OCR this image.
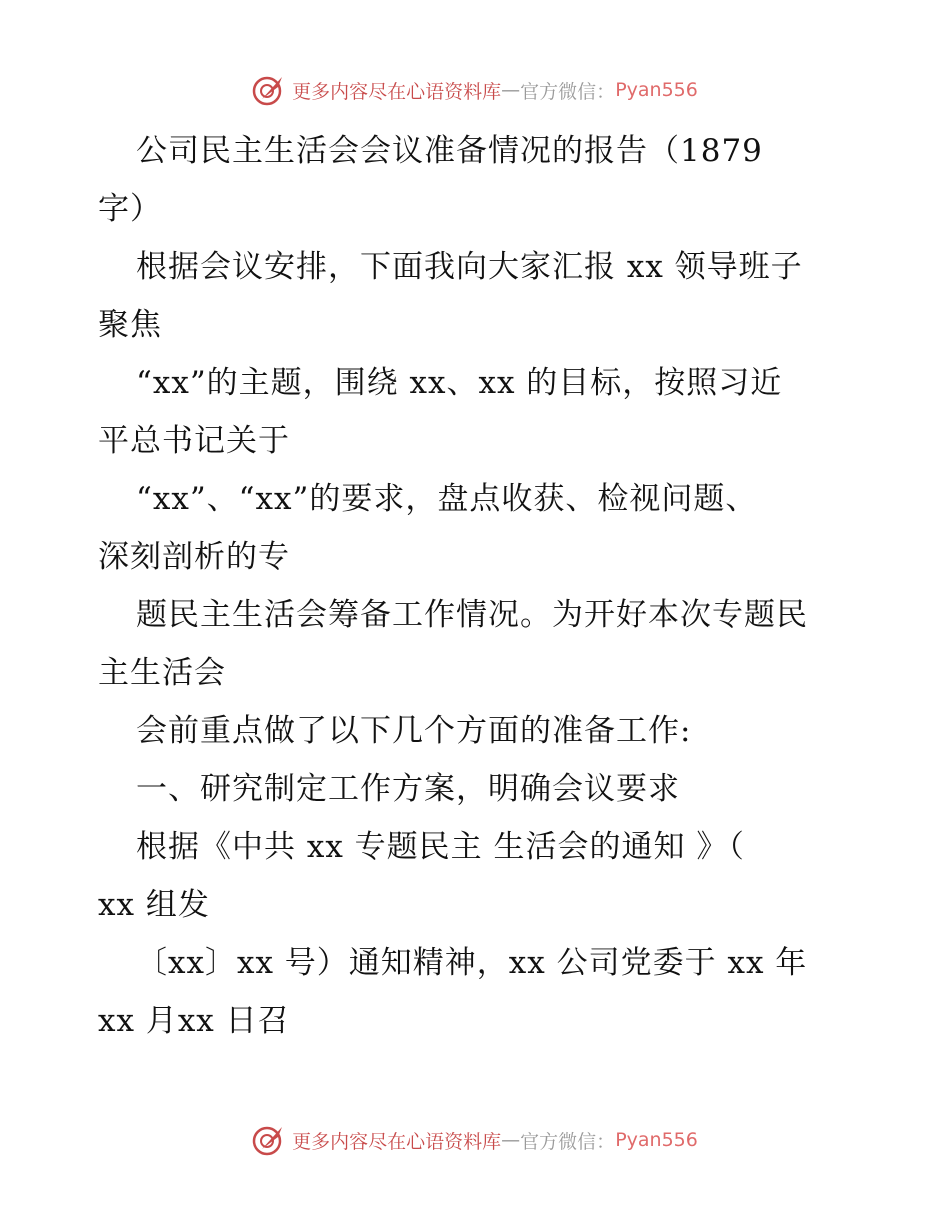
更多内容尽在心语资料库 — 官方微信： Pyan556

公司民主生活会会议准备情况的报告（1879
字）

根据会议安排，下面我向大家汇报 xx 领导班子
聚焦

“xx”的主题，围绕 xx、xx 的目标，按照习近
平总书记关于

“xx”、“xx”的要求，盘点收获、检视问题、
深刻剖析的专

题民主生活会筹备工作情况。为开好本次专题民
主生活会

会前重点做了以下几个方面的准备工作:

一、研究制定工作方案，明确会议要求

根据《中共 xx 专题民主 生活会的通知 》（
xx 组发

〔xx〕xx 号）通知精神，xx 公司党委于 xx 年
xx 月xx 日召

更多内容尽在心语资料库 — 官方微信： Pyan556
